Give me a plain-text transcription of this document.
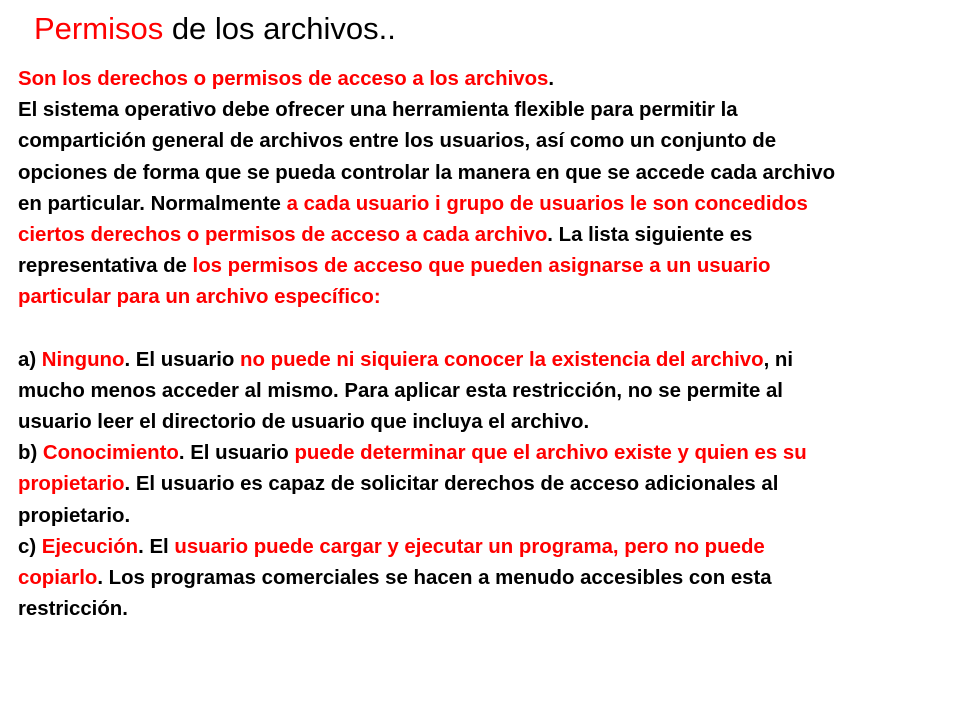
Permisos de los archivos..
Son los derechos o permisos de acceso a los archivos.
El sistema operativo debe ofrecer una herramienta flexible para permitir la
compartición general de archivos entre los usuarios, así como un conjunto de
opciones de forma que se pueda controlar la manera en que se accede cada archivo
en particular. Normalmente a cada usuario i grupo de usuarios le son concedidos
ciertos derechos o permisos de acceso a cada archivo. La lista siguiente es
representativa de los permisos de acceso que pueden asignarse a un usuario
particular para un archivo específico:
a) Ninguno. El usuario no puede ni siquiera conocer la existencia del archivo, ni
mucho menos acceder al mismo. Para aplicar esta restricción, no se permite al
usuario leer el directorio de usuario que incluya el archivo.
b) Conocimiento. El usuario puede determinar que el archivo existe y quien es su
propietario. El usuario es capaz de solicitar derechos de acceso adicionales al
propietario.
c) Ejecución. El usuario puede cargar y ejecutar un programa, pero no puede
copiarlo. Los programas comerciales se hacen a menudo accesibles con esta
restricción.
